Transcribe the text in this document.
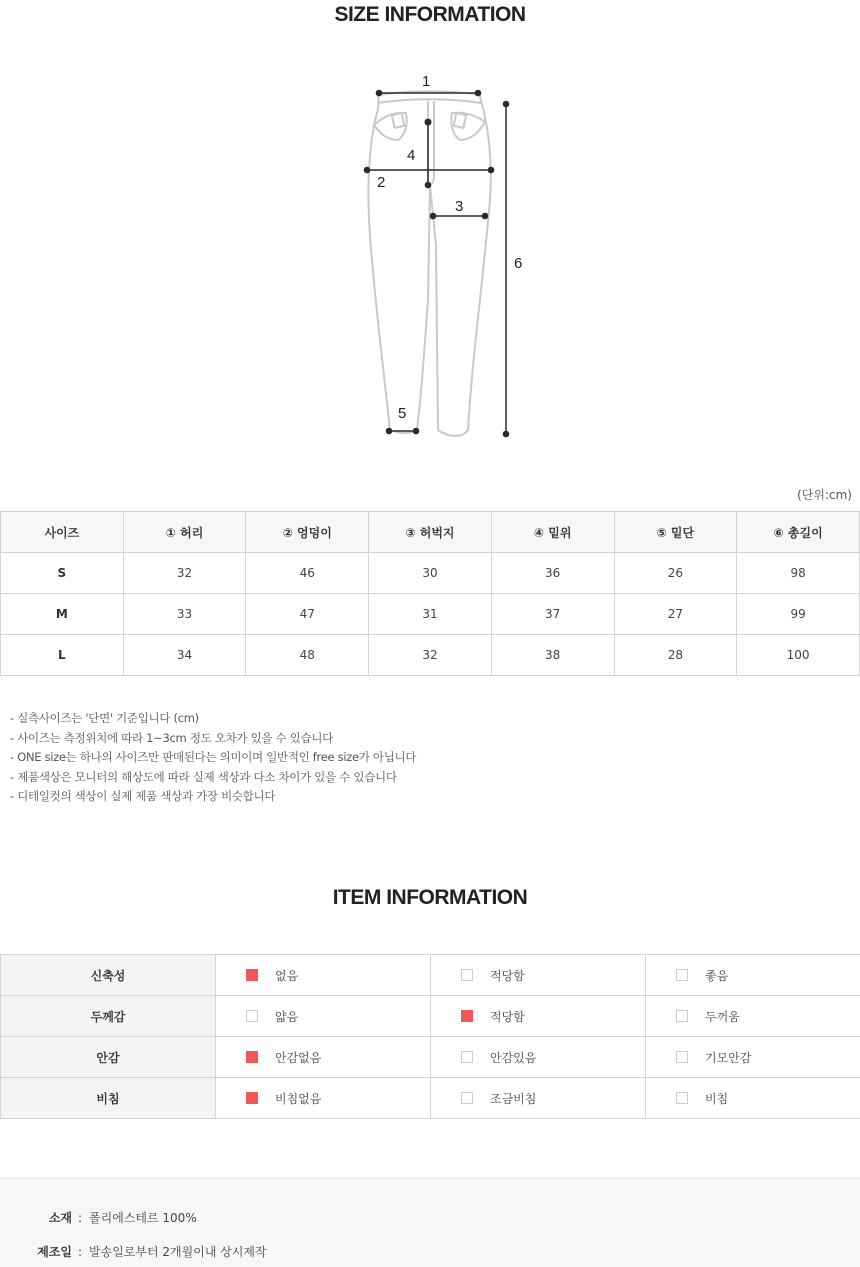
SIZE INFORMATION
1
2
3
4
5
6
(단위:cm)
사이즈	① 허리	② 엉덩이	③ 허벅지	④ 밑위	⑤ 밑단	⑥ 총길이
S	32	46	30	36	26	98
M	33	47	31	37	27	99
L	34	48	32	38	28	100
- 실측사이즈는 '단면' 기준입니다 (cm)
- 사이즈는 측정위치에 따라 1~3cm 정도 오차가 있을 수 있습니다
- ONE size는 하나의 사이즈만 판매된다는 의미이며 일반적인 free size가 아닙니다
- 제품색상은 모니터의 해상도에 따라 실제 색상과 다소 차이가 있을 수 있습니다
- 디테일컷의 색상이 실제 제품 색상과 가장 비슷합니다
ITEM INFORMATION
신축성	없음	적당함	좋음
두께감	얇음	적당함	두꺼움
안감	안감없음	안감있음	기모안감
비침	비침없음	조금비침	비침
소재 : 폴리에스테르 100%
제조일 : 발송일로부터 2개월이내 상시제작
